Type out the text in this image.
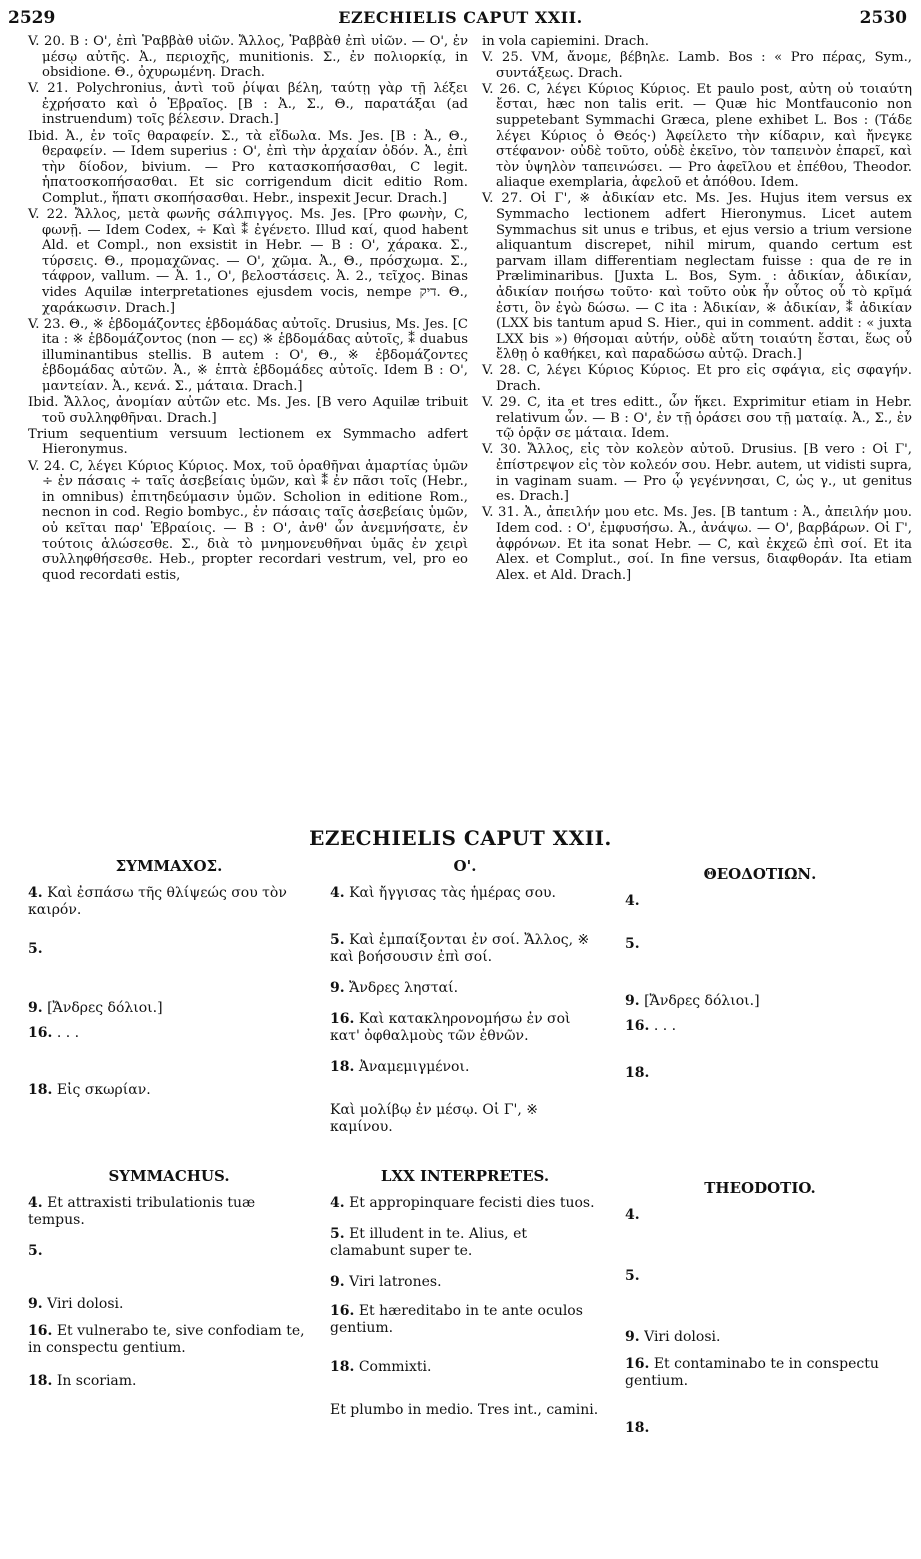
2529	EZECHIELIS CAPUT XXII.	2530

V. 20. B : O', ἐπὶ Ῥαββὰθ υἱῶν. Ἄλλος, Ῥαββὰθ ἐπὶ υἱῶν. — O', ἐν μέσῳ αὐτῆς. Ἀ., περιοχῆς, munitionis. Σ., ἐν πολιορκίᾳ, in obsidione. Θ., ὀχυρωμένη. Drach.

V. 21. Polychronius, ἀντὶ τοῦ ῥίψαι βέλη, ταύτῃ γὰρ τῇ λέξει ἐχρήσατο καὶ ὁ Ἑβραῖος. [B : Ἀ., Σ., Θ., παρατάξαι (ad instruendum) τοῖς βέλεσιν. Drach.]

Ibid. Ἀ., ἐν τοῖς θαραφείν. Σ., τὰ εἴδωλα. Ms. Jes. [B : Ἀ., Θ., θεραφείν. — Idem superius : O', ἐπὶ τὴν ἀρχαίαν ὁδόν. Ἀ., ἐπὶ τὴν δίοδον, bivium. — Pro κατασκοπήσασθαι, C legit. ἡπατοσκοπήσασθαι. Et sic corrigendum dicit editio Rom. Complut., ἥπατι σκοπήσασθαι. Hebr., inspexit Jecur. Drach.]

V. 22. Ἄλλος, μετὰ φωνῆς σάλπιγγος. Ms. Jes. [Pro φωνὴν, C, φωνῇ. — Idem Codex, ÷ Καὶ ⁑ ἐγένετο. Illud καί, quod habent Ald. et Compl., non exsistit in Hebr. — B : O', χάρακα. Σ., τύρσεις. Θ., προμαχῶνας. — O', χῶμα. Ἀ., Θ., πρόσχωμα. Σ., τάφρον, vallum. — Ἀ. 1., O', βελοστάσεις. Ἀ. 2., τεῖχος. Binas vides Aquilæ interpretationes ejusdem vocis, nempe דיק. Θ., χαράκωσιν. Drach.]

V. 23. Θ., ※ ἑβδομάζοντες ἑβδομάδας αὐτοῖς. Drusius, Ms. Jes. [C ita : ※ ἑβδομάζοντος (non — ες) ※ ἑβδομάδας αὐτοῖς, ⁑ duabus illuminantibus stellis. B autem : O', Θ., ※ ἑβδομάζοντες ἑβδομάδας αὐτῶν. Ἀ., ※ ἑπτὰ ἑβδομάδες αὐτοῖς. Idem B : O', μαντείαν. Ἀ., κενά. Σ., μάταια. Drach.]

Ibid. Ἄλλος, ἀνομίαν αὐτῶν etc. Ms. Jes. [B vero Aquilæ tribuit τοῦ συλληφθῆναι. Drach.]

Trium sequentium versuum lectionem ex Symmacho adfert Hieronymus.

V. 24. C, λέγει Κύριος Κύριος. Mox, τοῦ ὁραθῆναι ἁμαρτίας ὑμῶν ÷ ἐν πάσαις ÷ ταῖς ἀσεβείαις ὑμῶν, καὶ ⁑ ἐν πᾶσι τοῖς (Hebr., in omnibus) ἐπιτηδεύμασιν ὑμῶν. Scholion in editione Rom., necnon in cod. Regio bombyc., ἐν πάσαις ταῖς ἀσεβείαις ὑμῶν, οὐ κεῖται παρ' Ἑβραίοις. — B : O', ἀνθ' ὧν ἀνεμνήσατε, ἐν τούτοις ἁλώσεσθε. Σ., διὰ τὸ μνημονευθῆναι ὑμᾶς ἐν χειρὶ συλληφθήσεσθε. Heb., propter recordari vestrum, vel, pro eo quod recordati estis,

in vola capiemini. Drach.

V. 25. VM, ἄνομε, βέβηλε. Lamb. Bos : « Pro πέρας, Sym., συντάξεως. Drach.

V. 26. C, λέγει Κύριος Κύριος. Et paulo post, αὐτη οὐ τοιαύτη ἔσται, hæc non talis erit. — Quæ hic Montfauconio non suppetebant Symmachi Græca, plene exhibet L. Bos : (Τάδε λέγει Κύριος ὁ Θεός·) Ἀφείλετο τὴν κίδαριν, καὶ ἤνεγκε στέφανον· οὐδὲ τοῦτο, οὐδὲ ἐκεῖνο, τὸν ταπεινὸν ἐπαρεῖ, καὶ τὸν ὑψηλὸν ταπεινώσει. — Pro ἀφεῖλου et ἐπέθου, Theodor. aliaque exemplaria, ἀφελοῦ et ἀπόθου. Idem.

V. 27. Οἱ Γ', ※ ἀδικίαν etc. Ms. Jes. Hujus item versus ex Symmacho lectionem adfert Hieronymus. Licet autem Symmachus sit unus e tribus, et ejus versio a trium versione aliquantum discrepet, nihil mirum, quando certum est parvam illam differentiam neglectam fuisse : qua de re in Præliminaribus. [Juxta L. Bos, Sym. : ἀδικίαν, ἀδικίαν, ἀδικίαν ποιήσω τοῦτο· καὶ τοῦτο οὐκ ἦν οὗτος οὗ τὸ κρῖμά ἐστι, ὃν ἐγὼ δώσω. — C ita : Ἀδικίαν, ※ ἀδικίαν, ⁑ ἀδικίαν (LXX bis tantum apud S. Hier., qui in comment. addit : « juxta LXX bis ») θήσομαι αὐτήν, οὐδὲ αὕτη τοιαύτη ἔσται, ἕως οὗ ἔλθῃ ὁ καθήκει, καὶ παραδώσω αὐτῷ. Drach.]

V. 28. C, λέγει Κύριος Κύριος. Et pro εἰς σφάγια, εἰς σφαγήν. Drach.

V. 29. C, ita et tres editt., ὧν ἥκει. Exprimitur etiam in Hebr. relativum ὧν. — B : O', ἐν τῇ ὁράσει σου τῇ ματαίᾳ. Ἀ., Σ., ἐν τῷ ὁρᾷν σε μάταια. Idem.

V. 30. Ἄλλος, εἰς τὸν κολεὸν αὐτοῦ. Drusius. [B vero : Οἱ Γ', ἐπίστρεψον εἰς τὸν κολεόν σου. Hebr. autem, ut vidisti supra, in vaginam suam. — Pro ᾧ γεγέννησαι, C, ὡς γ., ut genitus es. Drach.]

V. 31. Ἀ., ἀπειλήν μου etc. Ms. Jes. [B tantum : Ἀ., ἀπειλήν μου. Idem cod. : O', ἐμφυσήσω. Ἀ., ἀνάψω. — O', βαρβάρων. Οἱ Γ', ἀφρόνων. Et ita sonat Hebr. — C, καὶ ἐκχεῶ ἐπὶ σοί. Et ita Alex. et Complut., σοί. In fine versus, διαφθοράν. Ita etiam Alex. et Ald. Drach.]

EZECHIELIS CAPUT XXII.
ΣΥΜΜΑΧΟΣ.
4. Καὶ ἐσπάσω τῆς θλίψεώς σου τὸν καιρόν.
5.
9. [Ἄνδρες δόλιοι.]
16. . . .
18. Εἰς σκωρίαν.
Ο'.
4. Καὶ ἤγγισας τὰς ἡμέρας σου.
5. Καὶ ἐμπαίξονται ἐν σοί. Ἄλλος, ※ καὶ βοήσουσιν ἐπὶ σοί.
9. Ἄνδρες λησταί.
16. Καὶ κατακληρονομήσω ἐν σοὶ κατ' ὀφθαλμοὺς τῶν ἐθνῶν.
18. Ἀναμεμιγμένοι.
Καὶ μολίβῳ ἐν μέσῳ. Οἱ Γ', ※ καμίνου.
ΘΕΟΔΟΤΙΩΝ.
4.
5.
9. [Ἄνδρες δόλιοι.]
16. . . .
18.
SYMMACHUS.
4. Et attraxisti tribulationis tuæ tempus.
5.
9. Viri dolosi.
16. Et vulnerabo te, sive confodiam te, in conspectu gentium.
18. In scoriam.
LXX INTERPRETES.
4. Et appropinquare fecisti dies tuos.
5. Et illudent in te. Alius, et clamabunt super te.
9. Viri latrones.
16. Et hæreditabo in te ante oculos gentium.
18. Commixti.
Et plumbo in medio. Tres int., camini.
THEODOTIO.
4.
5.
9. Viri dolosi.
16. Et contaminabo te in conspectu gentium.
18.
